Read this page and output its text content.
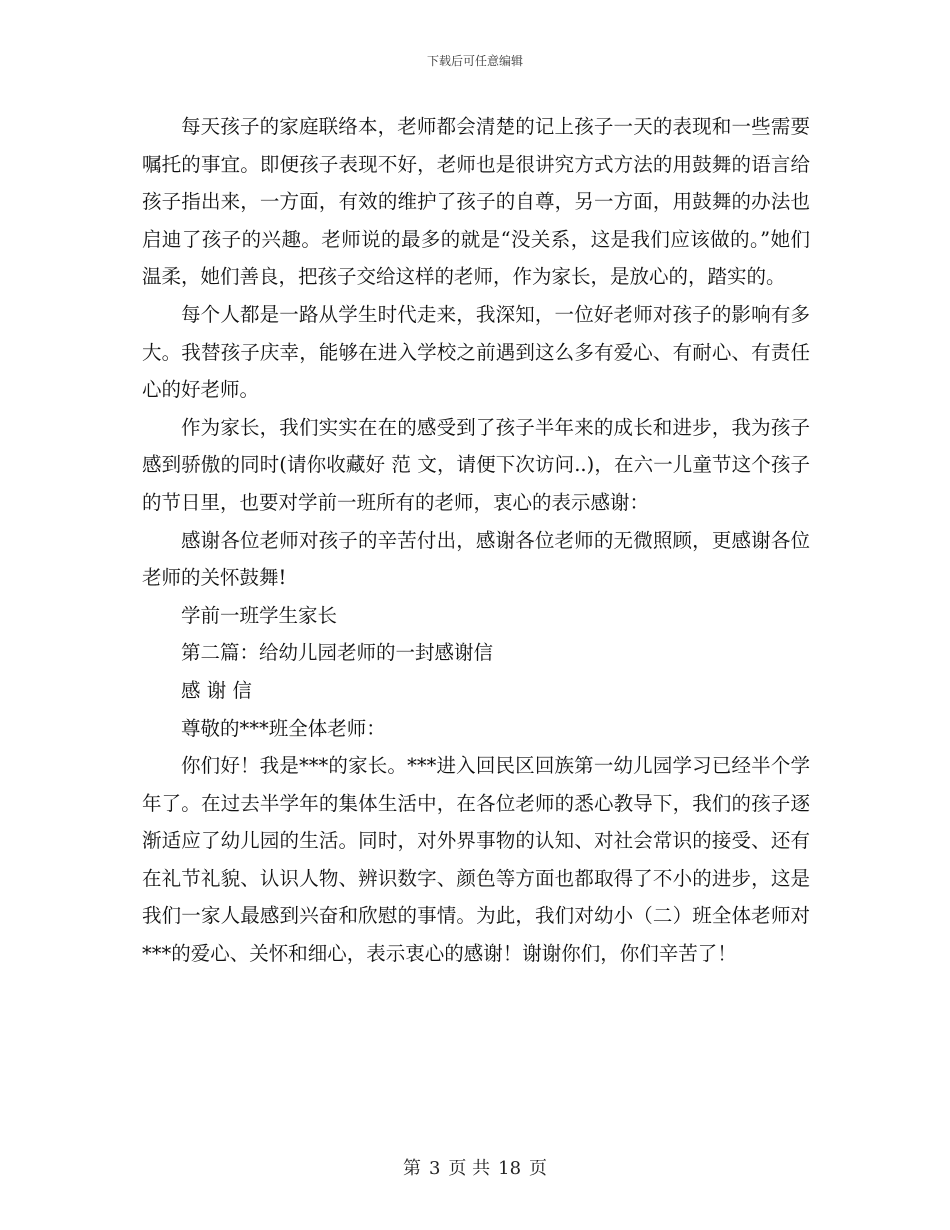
下载后可任意编辑

每天孩子的家庭联络本，老师都会清楚的记上孩子一天的表现和一些需要嘱托的事宜。即便孩子表现不好，老师也是很讲究方式方法的用鼓舞的语言给孩子指出来，一方面，有效的维护了孩子的自尊，另一方面，用鼓舞的办法也启迪了孩子的兴趣。老师说的最多的就是“没关系，这是我们应该做的。”她们温柔，她们善良，把孩子交给这样的老师，作为家长，是放心的，踏实的。

每个人都是一路从学生时代走来，我深知，一位好老师对孩子的影响有多大。我替孩子庆幸，能够在进入学校之前遇到这么多有爱心、有耐心、有责任心的好老师。

作为家长，我们实实在在的感受到了孩子半年来的成长和进步，我为孩子感到骄傲的同时(请你收藏好 范 文，请便下次访问..)，在六一儿童节这个孩子的节日里，也要对学前一班所有的老师，衷心的表示感谢：

感谢各位老师对孩子的辛苦付出，感谢各位老师的无微照顾，更感谢各位老师的关怀鼓舞!

学前一班学生家长

第二篇：给幼儿园老师的一封感谢信

感 谢 信

尊敬的***班全体老师：

你们好！我是***的家长。***进入回民区回族第一幼儿园学习已经半个学年了。在过去半学年的集体生活中，在各位老师的悉心教导下，我们的孩子逐渐适应了幼儿园的生活。同时，对外界事物的认知、对社会常识的接受、还有在礼节礼貌、认识人物、辨识数字、颜色等方面也都取得了不小的进步，这是我们一家人最感到兴奋和欣慰的事情。为此，我们对幼小（二）班全体老师对***的爱心、关怀和细心，表示衷心的感谢！谢谢你们，你们辛苦了！

第 3 页 共 18 页
